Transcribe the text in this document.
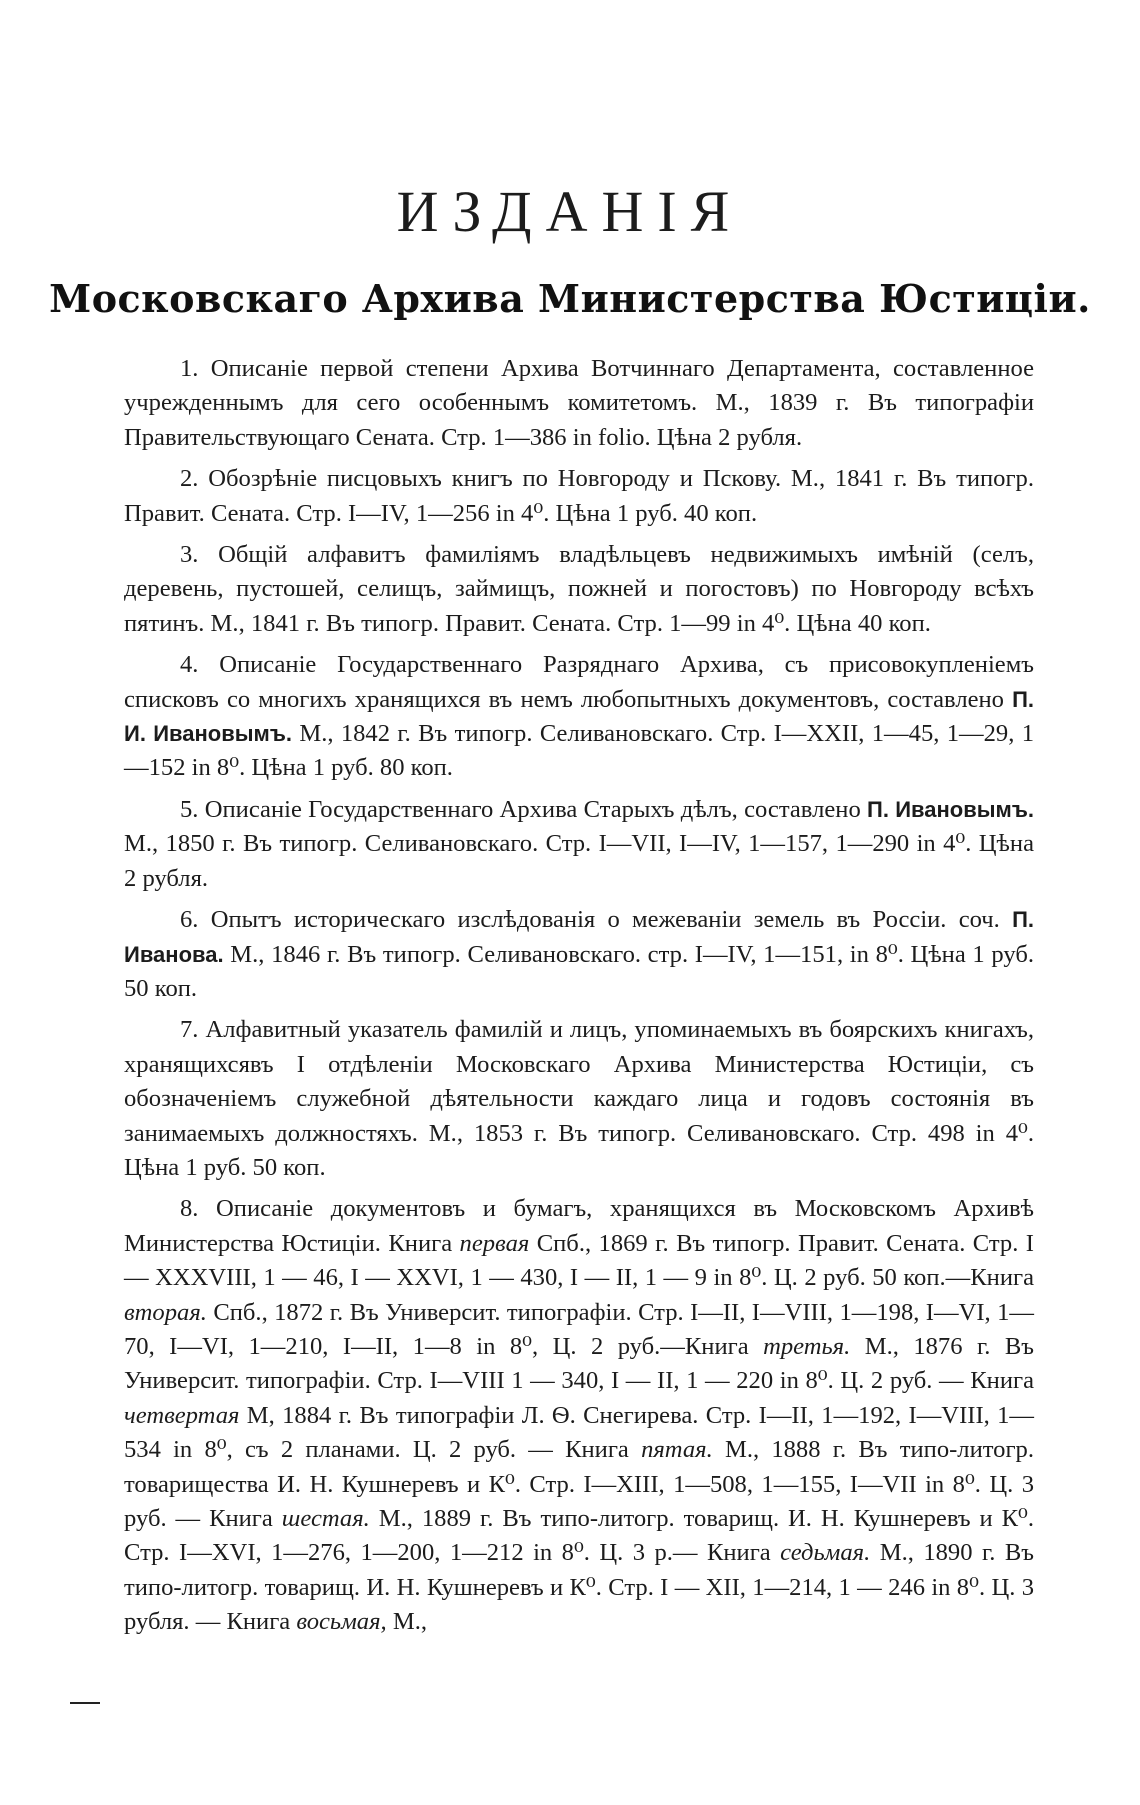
ИЗДАНІЯ
Московскаго Архива Министерства Юстиціи.

1. Описаніе первой степени Архива Вотчиннаго Департамента, составленное учрежденнымъ для сего особеннымъ комитетомъ. М., 1839 г. Въ типографіи Правительствующаго Сената. Стр. 1—386 in folio. Цѣна 2 рубля.

2. Обозрѣніе писцовыхъ книгъ по Новгороду и Пскову. М., 1841 г. Въ типогр. Правит. Сената. Стр. I—IV, 1—256 in 4⁰. Цѣна 1 руб. 40 коп.

3. Общій алфавитъ фамиліямъ владѣльцевъ недвижимыхъ имѣній (селъ, деревень, пустошей, селищъ, займищъ, пожней и погостовъ) по Новгороду всѣхъ пятинъ. М., 1841 г. Въ типогр. Правит. Сената. Стр. 1—99 in 4⁰. Цѣна 40 коп.

4. Описаніе Государственнаго Разряднаго Архива, съ присовокупленіемъ списковъ со многихъ хранящихся въ немъ любопытныхъ документовъ, составлено П. И. Ивановымъ. М., 1842 г. Въ типогр. Селивановскаго. Стр. I—XXII, 1—45, 1—29, 1—152 in 8⁰. Цѣна 1 руб. 80 коп.

5. Описаніе Государственнаго Архива Старыхъ дѣлъ, составлено П. Ивановымъ. М., 1850 г. Въ типогр. Селивановскаго. Стр. I—VII, I—IV, 1—157, 1—290 in 4⁰. Цѣна 2 рубля.

6. Опытъ историческаго изслѣдованія о межеваніи земель въ Россіи. соч. П. Иванова. М., 1846 г. Въ типогр. Селивановскаго. стр. I—IV, 1—151, in 8⁰. Цѣна 1 руб. 50 коп.

7. Алфавитный указатель фамилій и лицъ, упоминаемыхъ въ боярскихъ книгахъ, хранящихсявъ I отдѣленіи Московскаго Архива Министерства Юстиціи, съ обозначеніемъ служебной дѣятельности каждаго лица и годовъ состоянія въ занимаемыхъ должностяхъ. М., 1853 г. Въ типогр. Селивановскаго. Стр. 498 in 4⁰. Цѣна 1 руб. 50 коп.

8. Описаніе документовъ и бумагъ, хранящихся въ Московскомъ Архивѣ Министерства Юстиціи. Книга первая Спб., 1869 г. Въ типогр. Правит. Сената. Стр. I — XXXVIII, 1 — 46, I — XXVI, 1 — 430, I — II, 1 — 9 in 8⁰. Ц. 2 руб. 50 коп.—Книга вторая. Спб., 1872 г. Въ Университ. типографіи. Стр. I—II, I—VIII, 1—198, I—VI, 1—70, I—VI, 1—210, I—II, 1—8 in 8⁰, Ц. 2 руб.—Книга третья. М., 1876 г. Въ Университ. типографіи. Стр. I—VIII 1 — 340, I — II, 1 — 220 in 8⁰. Ц. 2 руб. — Книга четвертая М, 1884 г. Въ типографіи Л. Ѳ. Снегирева. Стр. I—II, 1—192, I—VIII, 1—534 in 8⁰, съ 2 планами. Ц. 2 руб. — Книга пятая. М., 1888 г. Въ типо-литогр. товарищества И. Н. Кушнеревъ и К⁰. Стр. I—XIII, 1—508, 1—155, I—VII in 8⁰. Ц. 3 руб. — Книга шестая. М., 1889 г. Въ типо-литогр. товарищ. И. Н. Кушнеревъ и К⁰. Стр. I—XVI, 1—276, 1—200, 1—212 in 8⁰. Ц. 3 р.— Книга седьмая. М., 1890 г. Въ типо-литогр. товарищ. И. Н. Кушнеревъ и К⁰. Стр. I — XII, 1—214, 1 — 246 in 8⁰. Ц. 3 рубля. — Книга восьмая, М.,
